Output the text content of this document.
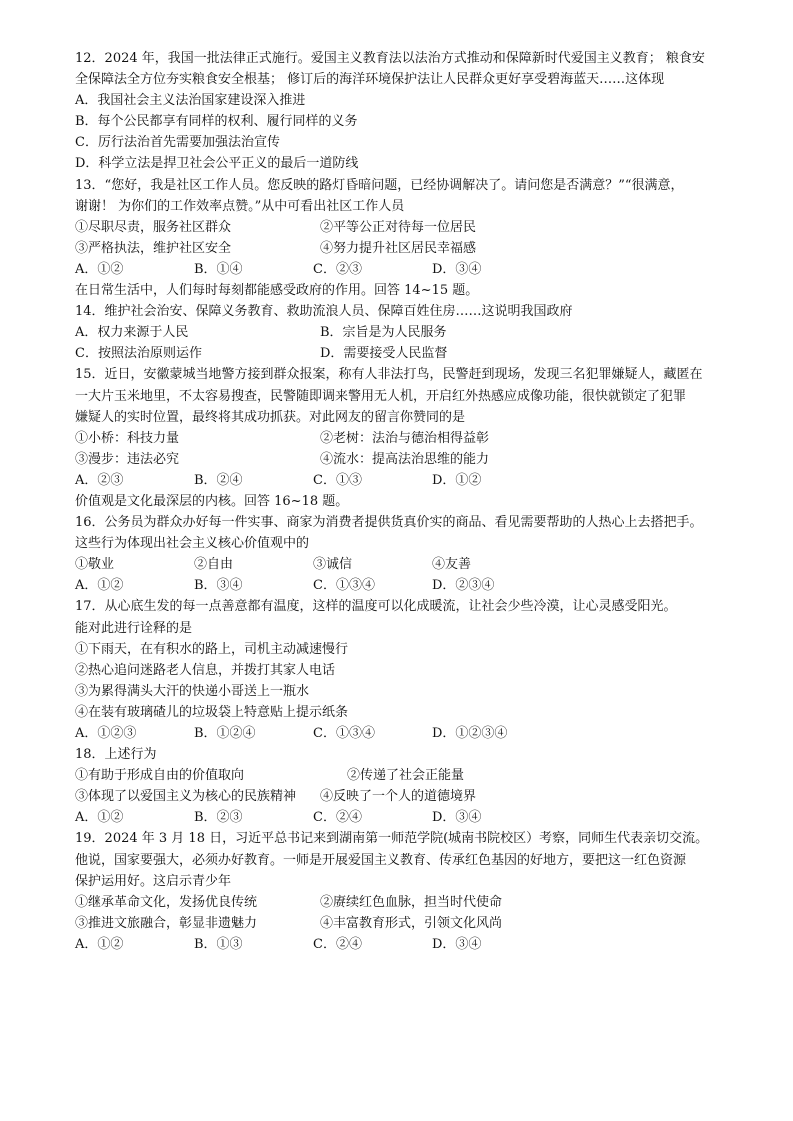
12．2024 年，我国一批法律正式施行。爱国主义教育法以法治方式推动和保障新时代爱国主义教育； 粮食安
全保障法全方位夯实粮食安全根基； 修订后的海洋环境保护法让人民群众更好享受碧海蓝天……这体现
A．我国社会主义法治国家建设深入推进
B．每个公民都享有同样的权利、履行同样的义务
C．厉行法治首先需要加强法治宣传
D．科学立法是捍卫社会公平正义的最后一道防线
13．“您好，我是社区工作人员。您反映的路灯昏暗问题，已经协调解决了。请问您是否满意？”“很满意，
谢谢！ 为你们的工作效率点赞。”从中可看出社区工作人员
①尽职尽责，服务社区群众	②平等公正对待每一位居民
③严格执法，维护社区安全	④努力提升社区居民幸福感
A．①②	B．①④	C．②③	D．③④
在日常生活中，人们每时每刻都能感受政府的作用。回答 14~15 题。
14．维护社会治安、保障义务教育、救助流浪人员、保障百姓住房……这说明我国政府
A．权力来源于人民	B．宗旨是为人民服务
C．按照法治原则运作	D．需要接受人民监督
15．近日，安徽蒙城当地警方接到群众报案，称有人非法打鸟，民警赶到现场，发现三名犯罪嫌疑人，藏匿在
一大片玉米地里，不太容易搜查，民警随即调来警用无人机，开启红外热感应成像功能，很快就锁定了犯罪
嫌疑人的实时位置，最终将其成功抓获。对此网友的留言你赞同的是
①小桥：科技力量	②老树：法治与德治相得益彰
③漫步：违法必究	④流水：提高法治思维的能力
A．②③	B．②④	C．①③	D．①②
价值观是文化最深层的内核。回答 16~18 题。
16．公务员为群众办好每一件实事、商家为消费者提供货真价实的商品、看见需要帮助的人热心上去搭把手。
这些行为体现出社会主义核心价值观中的
①敬业	②自由	③诚信	④友善
A．①②	B．③④	C．①③④	D．②③④
17．从心底生发的每一点善意都有温度，这样的温度可以化成暖流，让社会少些冷漠，让心灵感受阳光。
能对此进行诠释的是
①下雨天，在有积水的路上，司机主动减速慢行
②热心追问迷路老人信息，并拨打其家人电话
③为累得满头大汗的快递小哥送上一瓶水
④在装有玻璃碴儿的垃圾袋上特意贴上提示纸条
A．①②③	B．①②④	C．①③④	D．①②③④
18．上述行为
①有助于形成自由的价值取向	②传递了社会正能量
③体现了以爱国主义为核心的民族精神 ④反映了一个人的道德境界
A．①②	B．②③	C．②④	D．③④
19．2024 年 3 月 18 日，习近平总书记来到湖南第一师范学院(城南书院校区）考察，同师生代表亲切交流。
他说，国家要强大，必须办好教育。一师是开展爱国主义教育、传承红色基因的好地方，要把这一红色资源
保护运用好。这启示青少年
①继承革命文化，发扬优良传统	②赓续红色血脉，担当时代使命
③推进文旅融合，彰显非遗魅力	④丰富教育形式，引领文化风尚
A．①②	B．①③	C．②④	D．③④
